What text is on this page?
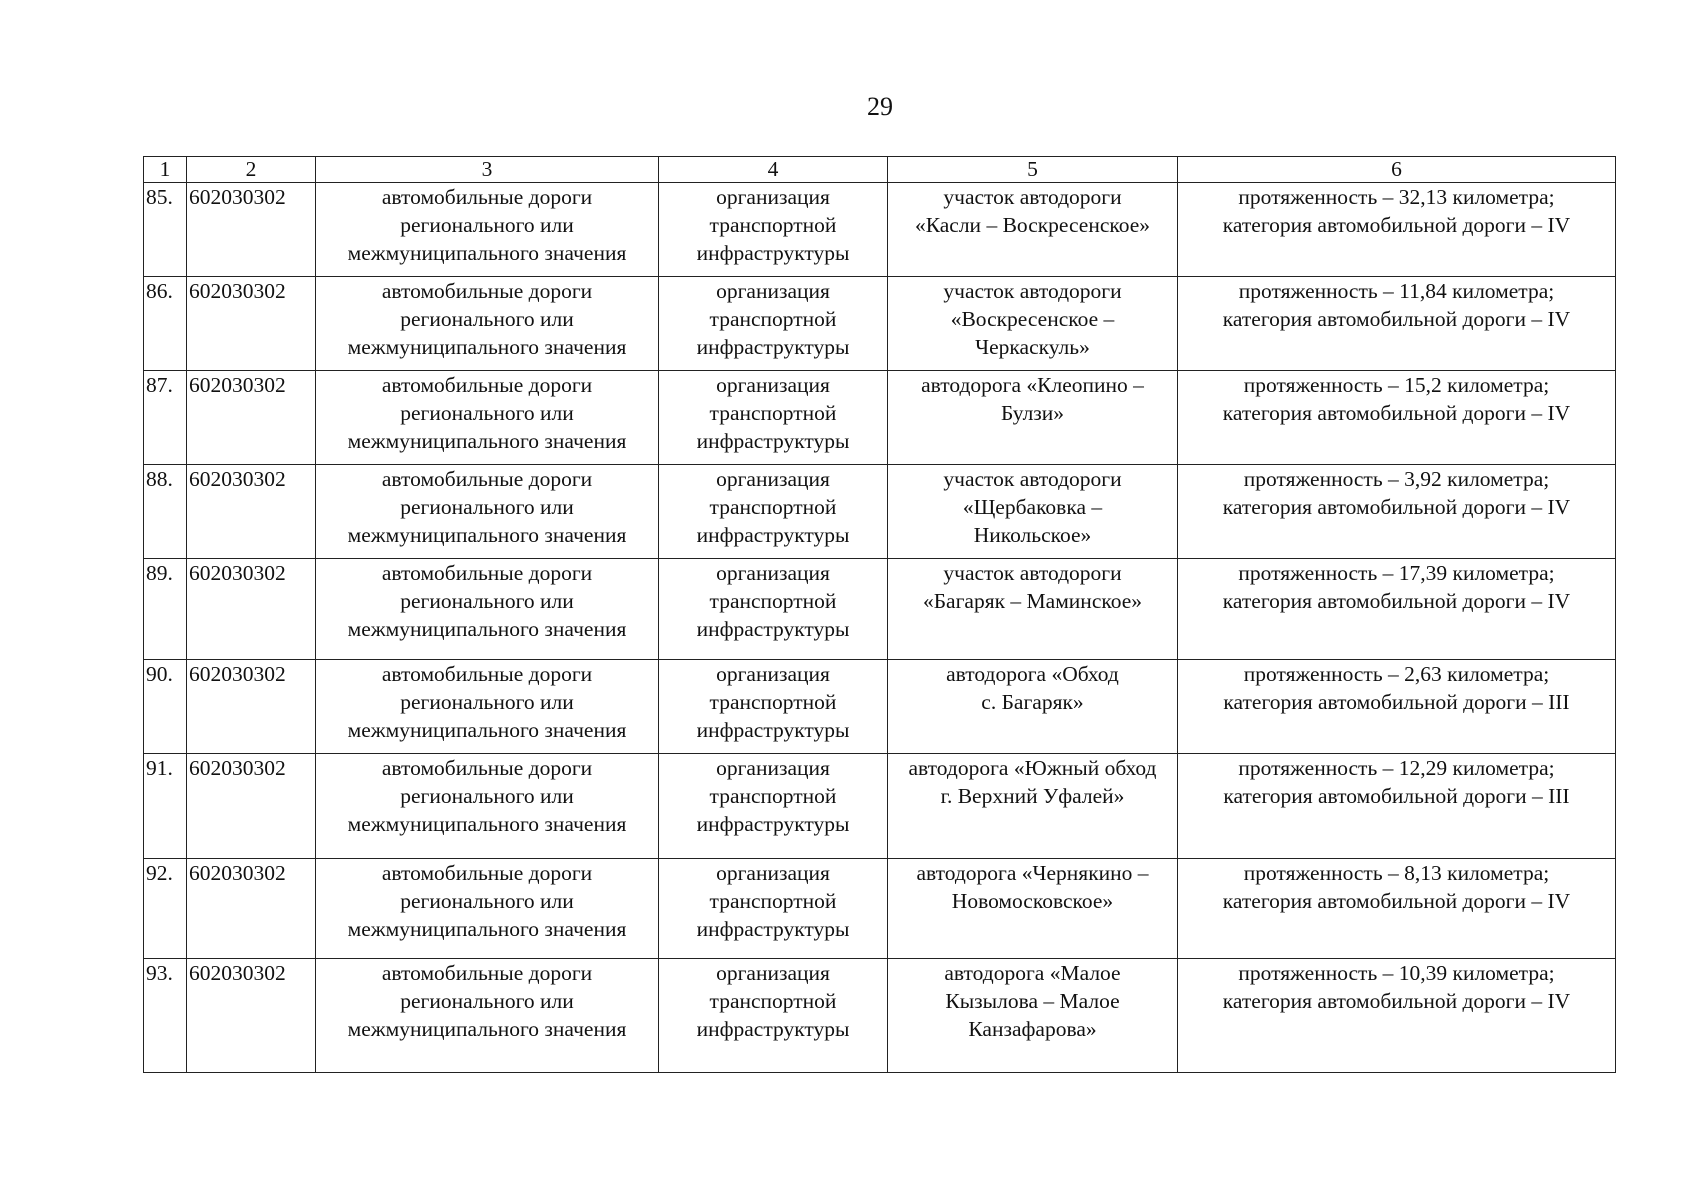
29
1	2	3	4	5	6
85.	602030302	автомобильные дороги
регионального или
межмуниципального значения	организация
транспортной
инфраструктуры	участок автодороги
«Касли – Воскресенское»	протяженность – 32,13 километра;
категория автомобильной дороги – IV

86.	602030302	автомобильные дороги
регионального или
межмуниципального значения	организация
транспортной
инфраструктуры	участок автодороги
«Воскресенское –
Черкаскуль»	протяженность – 11,84 километра;
категория автомобильной дороги – IV

87.	602030302	автомобильные дороги
регионального или
межмуниципального значения	организация
транспортной
инфраструктуры	автодорога «Клеопино –
Булзи»	протяженность – 15,2 километра;
категория автомобильной дороги – IV

88.	602030302	автомобильные дороги
регионального или
межмуниципального значения	организация
транспортной
инфраструктуры	участок автодороги
«Щербаковка –
Никольское»	протяженность – 3,92 километра;
категория автомобильной дороги – IV

89.	602030302	автомобильные дороги
регионального или
межмуниципального значения	организация
транспортной
инфраструктуры	участок автодороги
«Багаряк – Маминское»	протяженность – 17,39 километра;
категория автомобильной дороги – IV

90.	602030302	автомобильные дороги
регионального или
межмуниципального значения	организация
транспортной
инфраструктуры	автодорога «Обход
с. Багаряк»	протяженность – 2,63 километра;
категория автомобильной дороги – III

91.	602030302	автомобильные дороги
регионального или
межмуниципального значения	организация
транспортной
инфраструктуры	автодорога «Южный обход
г. Верхний Уфалей»	протяженность – 12,29 километра;
категория автомобильной дороги – III

92.	602030302	автомобильные дороги
регионального или
межмуниципального значения	организация
транспортной
инфраструктуры	автодорога «Чернякино –
Новомосковское»	протяженность – 8,13 километра;
категория автомобильной дороги – IV

93.	602030302	автомобильные дороги
регионального или
межмуниципального значения	организация
транспортной
инфраструктуры	автодорога «Малое
Кызылова – Малое
Канзафарова»	протяженность – 10,39 километра;
категория автомобильной дороги – IV
